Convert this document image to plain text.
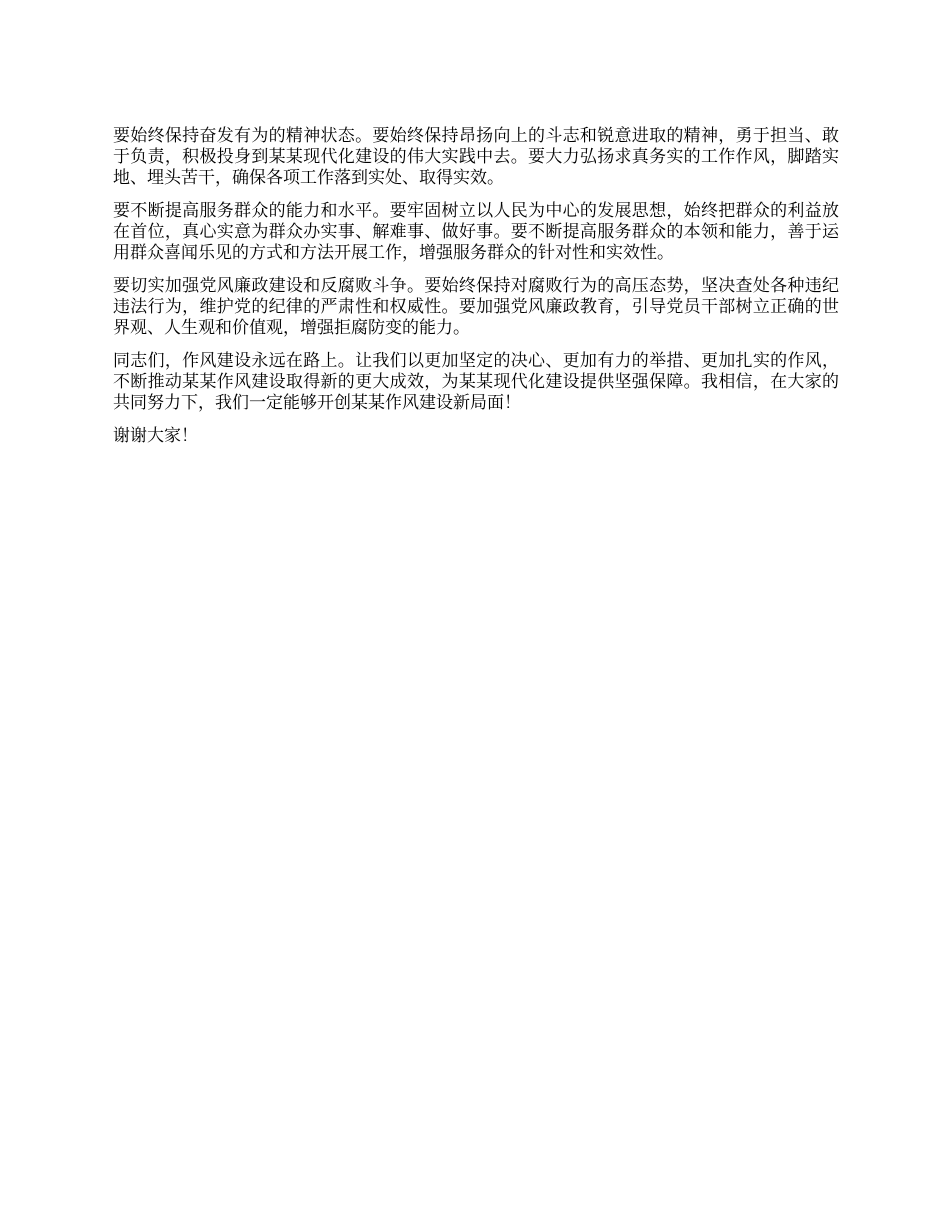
要始终保持奋发有为的精神状态。要始终保持昂扬向上的斗志和锐意进取的精神，勇于担当、敢于负责，积极投身到某某现代化建设的伟大实践中去。要大力弘扬求真务实的工作作风，脚踏实地、埋头苦干，确保各项工作落到实处、取得实效。

要不断提高服务群众的能力和水平。要牢固树立以人民为中心的发展思想，始终把群众的利益放在首位，真心实意为群众办实事、解难事、做好事。要不断提高服务群众的本领和能力，善于运用群众喜闻乐见的方式和方法开展工作，增强服务群众的针对性和实效性。

要切实加强党风廉政建设和反腐败斗争。要始终保持对腐败行为的高压态势，坚决查处各种违纪违法行为，维护党的纪律的严肃性和权威性。要加强党风廉政教育，引导党员干部树立正确的世界观、人生观和价值观，增强拒腐防变的能力。

同志们，作风建设永远在路上。让我们以更加坚定的决心、更加有力的举措、更加扎实的作风，不断推动某某作风建设取得新的更大成效，为某某现代化建设提供坚强保障。我相信，在大家的共同努力下，我们一定能够开创某某作风建设新局面！

谢谢大家！
